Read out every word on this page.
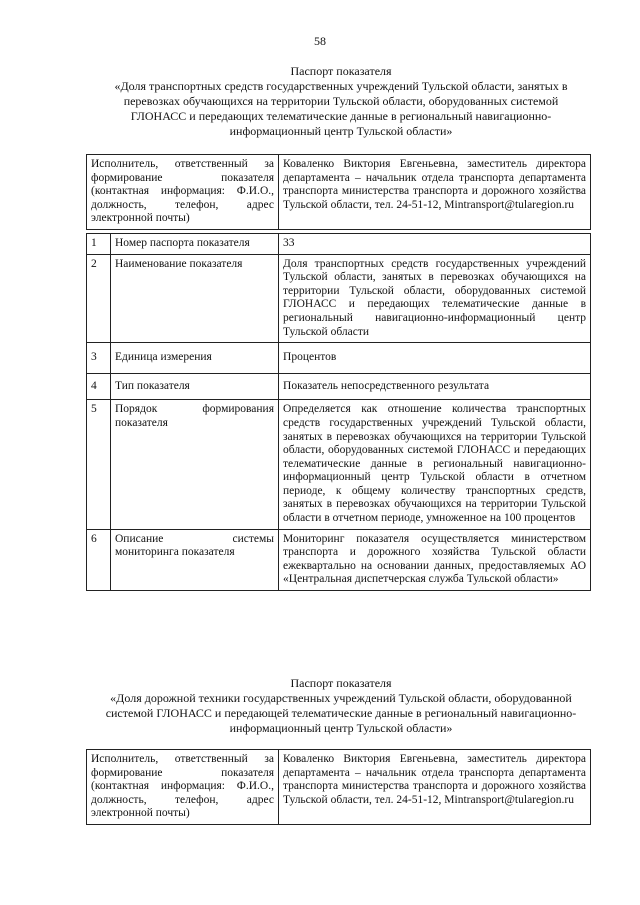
58
Паспорт показателя
«Доля транспортных средств государственных учреждений Тульской области, занятых в перевозках обучающихся на территории Тульской области, оборудованных системой ГЛОНАСС и передающих телематические данные в региональный навигационно-информационный центр Тульской области»
Исполнитель, ответственный за формирование показателя (контактная информация: Ф.И.О., должность, телефон, адрес электронной почты)		Коваленко Виктория Евгеньевна, заместитель директора департамента – начальник отдела транспорта департамента транспорта министерства транспорта и дорожного хозяйства Тульской области, тел. 24-51-12, Mintransport@tularegion.ru

1	Номер паспорта показателя	33
2	Наименование показателя	Доля транспортных средств государственных учреждений Тульской области, занятых в перевозках обучающихся на территории Тульской области, оборудованных системой ГЛОНАСС и передающих телематические данные в региональный навигационно-информационный центр Тульской области
3	Единица измерения	Процентов
4	Тип показателя	Показатель непосредственного результата
5	Порядок формирования показателя	Определяется как отношение количества транспортных средств государственных учреждений Тульской области, занятых в перевозках обучающихся на территории Тульской области, оборудованных системой ГЛОНАСС и передающих телематические данные в региональный навигационно-информационный центр Тульской области в отчетном периоде, к общему количеству транспортных средств, занятых в перевозках обучающихся на территории Тульской области в отчетном периоде, умноженное на 100 процентов
6	Описание системы мониторинга показателя	Мониторинг показателя осуществляется министерством транспорта и дорожного хозяйства Тульской области ежеквартально на основании данных, предоставляемых АО «Центральная диспетчерская служба Тульской области»
Паспорт показателя
«Доля дорожной техники государственных учреждений Тульской области, оборудованной системой ГЛОНАСС и передающей телематические данные в региональный навигационно-информационный центр Тульской области»
Исполнитель, ответственный за формирование показателя (контактная информация: Ф.И.О., должность, телефон, адрес электронной почты)	Коваленко Виктория Евгеньевна, заместитель директора департамента – начальник отдела транспорта департамента транспорта министерства транспорта и дорожного хозяйства Тульской области, тел. 24-51-12, Mintransport@tularegion.ru
